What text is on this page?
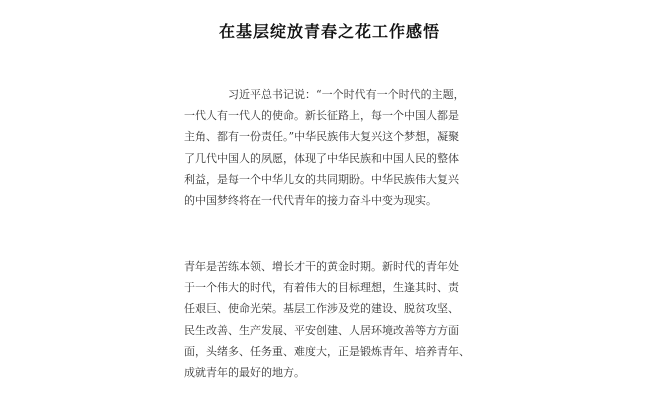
在基层绽放青春之花工作感悟
习近平总书记说：“一个时代有一个时代的主题，
一代人有一代人的使命。新长征路上，每一个中国人都是
主角、都有一份责任。”中华民族伟大复兴这个梦想，凝聚
了几代中国人的夙愿，体现了中华民族和中国人民的整体
利益，是每一个中华儿女的共同期盼。中华民族伟大复兴
的中国梦终将在一代代青年的接力奋斗中变为现实。
青年是苦练本领、增长才干的黄金时期。新时代的青年处
于一个伟大的时代，有着伟大的目标理想，生逢其时、责
任艰巨、使命光荣。基层工作涉及党的建设、脱贫攻坚、
民生改善、生产发展、平安创建、人居环境改善等方方面
面，头绪多、任务重、难度大，正是锻炼青年、培养青年、
成就青年的最好的地方。
